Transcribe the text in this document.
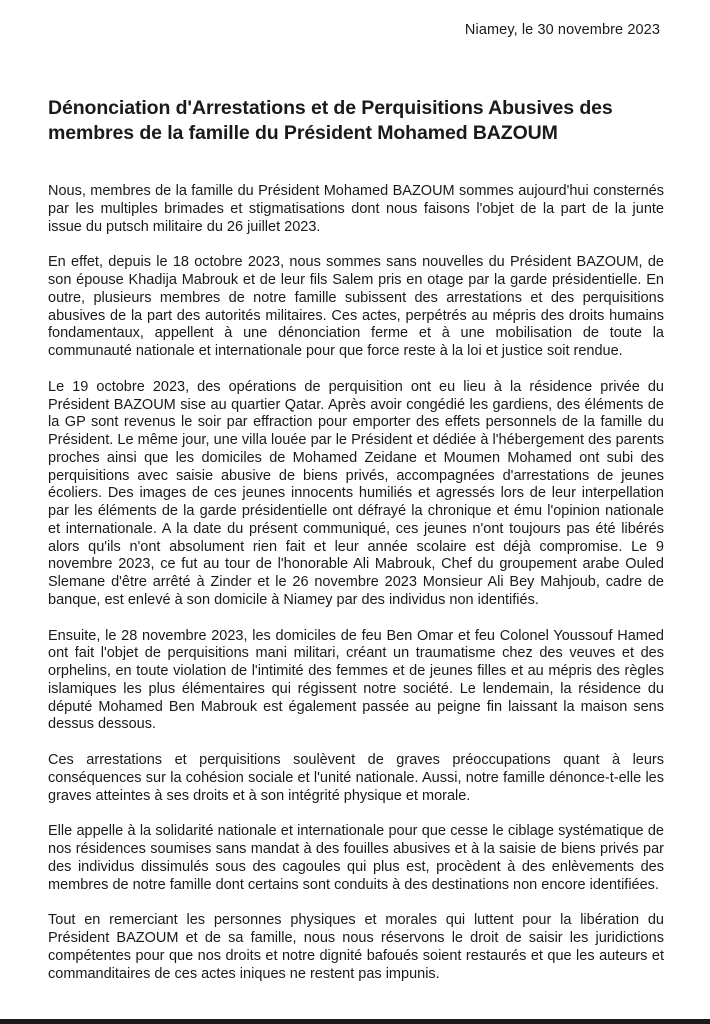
Niamey, le 30 novembre 2023
Dénonciation d'Arrestations et de Perquisitions Abusives des membres de la famille du Président Mohamed BAZOUM

Nous, membres de la famille du Président Mohamed BAZOUM sommes aujourd'hui consternés par les multiples brimades et stigmatisations dont nous faisons l'objet de la part de la junte issue du putsch militaire du 26 juillet 2023.

En effet, depuis le 18 octobre 2023, nous sommes sans nouvelles du Président BAZOUM, de son épouse Khadija Mabrouk et de leur fils Salem pris en otage par la garde présidentielle. En outre, plusieurs membres de notre famille subissent des arrestations et des perquisitions abusives de la part des autorités militaires. Ces actes, perpétrés au mépris des droits humains fondamentaux, appellent à une dénonciation ferme et à une mobilisation de toute la communauté nationale et internationale pour que force reste à la loi et justice soit rendue.

Le 19 octobre 2023, des opérations de perquisition ont eu lieu à la résidence privée du Président BAZOUM sise au quartier Qatar. Après avoir congédié les gardiens, des éléments de la GP sont revenus le soir par effraction pour emporter des effets personnels de la famille du Président. Le même jour, une villa louée par le Président et dédiée à l'hébergement des parents proches ainsi que les domiciles de Mohamed Zeidane et Moumen Mohamed ont subi des perquisitions avec saisie abusive de biens privés, accompagnées d'arrestations de jeunes écoliers. Des images de ces jeunes innocents humiliés et agressés lors de leur interpellation par les éléments de la garde présidentielle ont défrayé la chronique et ému l'opinion nationale et internationale. A la date du présent communiqué, ces jeunes n'ont toujours pas été libérés alors qu'ils n'ont absolument rien fait et leur année scolaire est déjà compromise. Le 9 novembre 2023, ce fut au tour de l'honorable Ali Mabrouk, Chef du groupement arabe Ouled Slemane d'être arrêté à Zinder et le 26 novembre 2023 Monsieur Ali Bey Mahjoub, cadre de banque, est enlevé à son domicile à Niamey par des individus non identifiés.

Ensuite, le 28 novembre 2023, les domiciles de feu Ben Omar et feu Colonel Youssouf Hamed ont fait l'objet de perquisitions mani militari, créant un traumatisme chez des veuves et des orphelins, en toute violation de l'intimité des femmes et de jeunes filles et au mépris des règles islamiques les plus élémentaires qui régissent notre société. Le lendemain, la résidence du député Mohamed Ben Mabrouk est également passée au peigne fin laissant la maison sens dessus dessous.

Ces arrestations et perquisitions soulèvent de graves préoccupations quant à leurs conséquences sur la cohésion sociale et l'unité nationale. Aussi, notre famille dénonce-t-elle les graves atteintes à ses droits et à son intégrité physique et morale.

Elle appelle à la solidarité nationale et internationale pour que cesse le ciblage systématique de nos résidences soumises sans mandat à des fouilles abusives et à la saisie de biens privés par des individus dissimulés sous des cagoules qui plus est, procèdent à des enlèvements des membres de notre famille dont certains sont conduits à des destinations non encore identifiées.

Tout en remerciant les personnes physiques et morales qui luttent pour la libération du Président BAZOUM et de sa famille, nous nous réservons le droit de saisir les juridictions compétentes pour que nos droits et notre dignité bafoués soient restaurés et que les auteurs et commanditaires de ces actes iniques ne restent pas impunis.
